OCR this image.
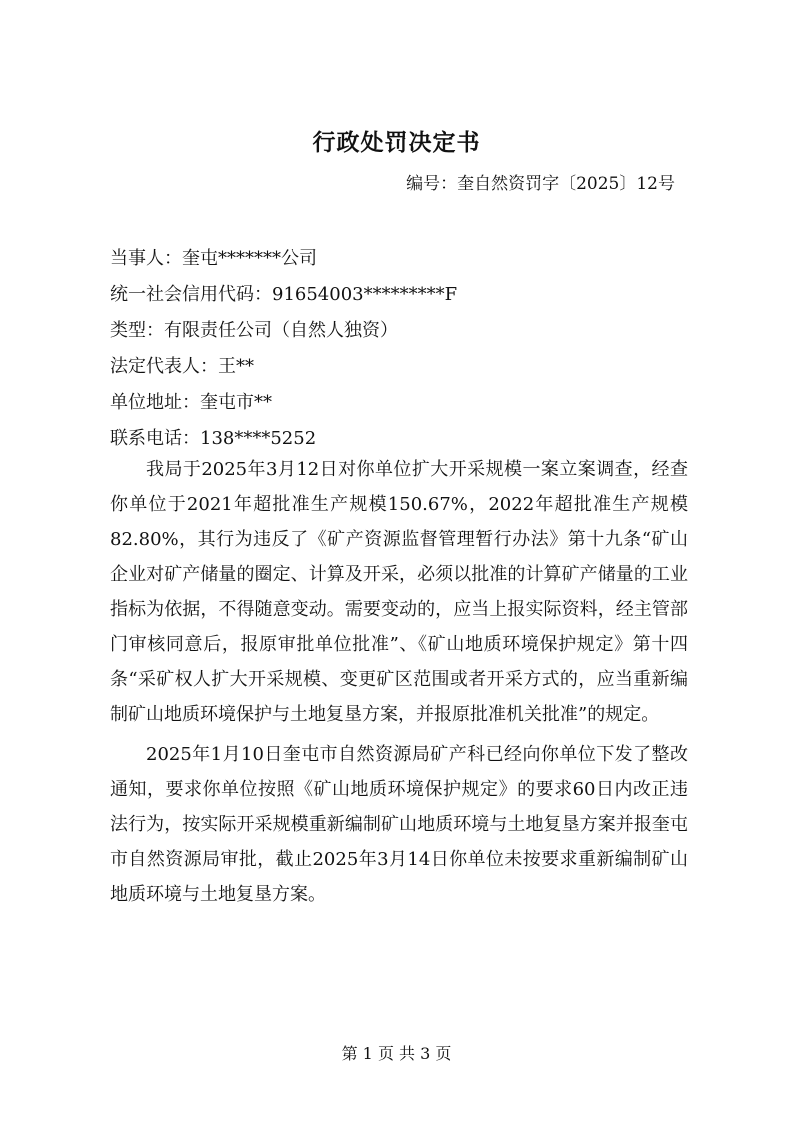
行政处罚决定书
编号：奎自然资罚字〔2025〕12号
当事人：奎屯*******公司
统一社会信用代码：91654003*********F
类型：有限责任公司（自然人独资）
法定代表人：王**
单位地址：奎屯市**
联系电话：138****5252

我局于2025年3月12日对你单位扩大开采规模一案立案调查，经查你单位于2021年超批准生产规模150.67%，2022年超批准生产规模82.80%，其行为违反了《矿产资源监督管理暂行办法》第十九条“矿山企业对矿产储量的圈定、计算及开采，必须以批准的计算矿产储量的工业指标为依据，不得随意变动。需要变动的，应当上报实际资料，经主管部门审核同意后，报原审批单位批准”、《矿山地质环境保护规定》第十四条“采矿权人扩大开采规模、变更矿区范围或者开采方式的，应当重新编制矿山地质环境保护与土地复垦方案，并报原批准机关批准”的规定。

2025年1月10日奎屯市自然资源局矿产科已经向你单位下发了整改通知，要求你单位按照《矿山地质环境保护规定》的要求60日内改正违法行为，按实际开采规模重新编制矿山地质环境与土地复垦方案并报奎屯市自然资源局审批，截止2025年3月14日你单位未按要求重新编制矿山地质环境与土地复垦方案。

第 1 页 共 3 页
